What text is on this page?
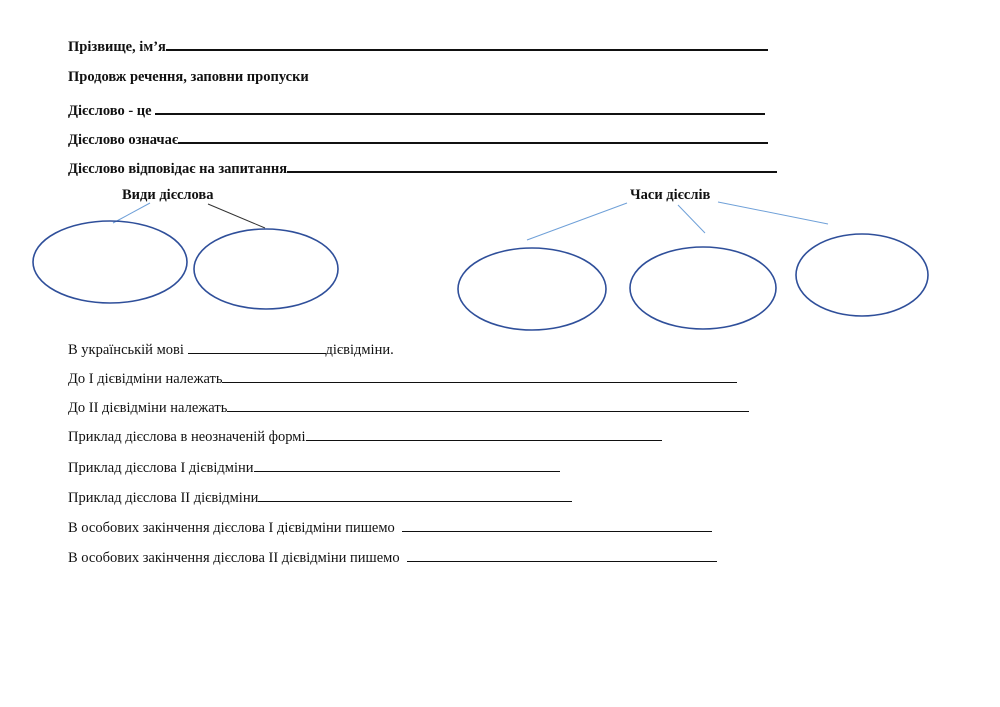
Прізвище, ім’я
Продовж речення, заповни пропуски
Дієслово - це
Дієслово означає
Дієслово відповідає на запитання
Види дієслова	Часи дієслів
В українській мові	дієвідміни.
До І дієвідміни належать
До ІІ дієвідміни належать
Приклад дієслова в неозначеній формі
Приклад дієслова І дієвідміни
Приклад дієслова ІІ дієвідміни
В особових закінчення дієслова І дієвідміни пишемо
В особових закінчення дієслова ІІ дієвідміни пишемо
